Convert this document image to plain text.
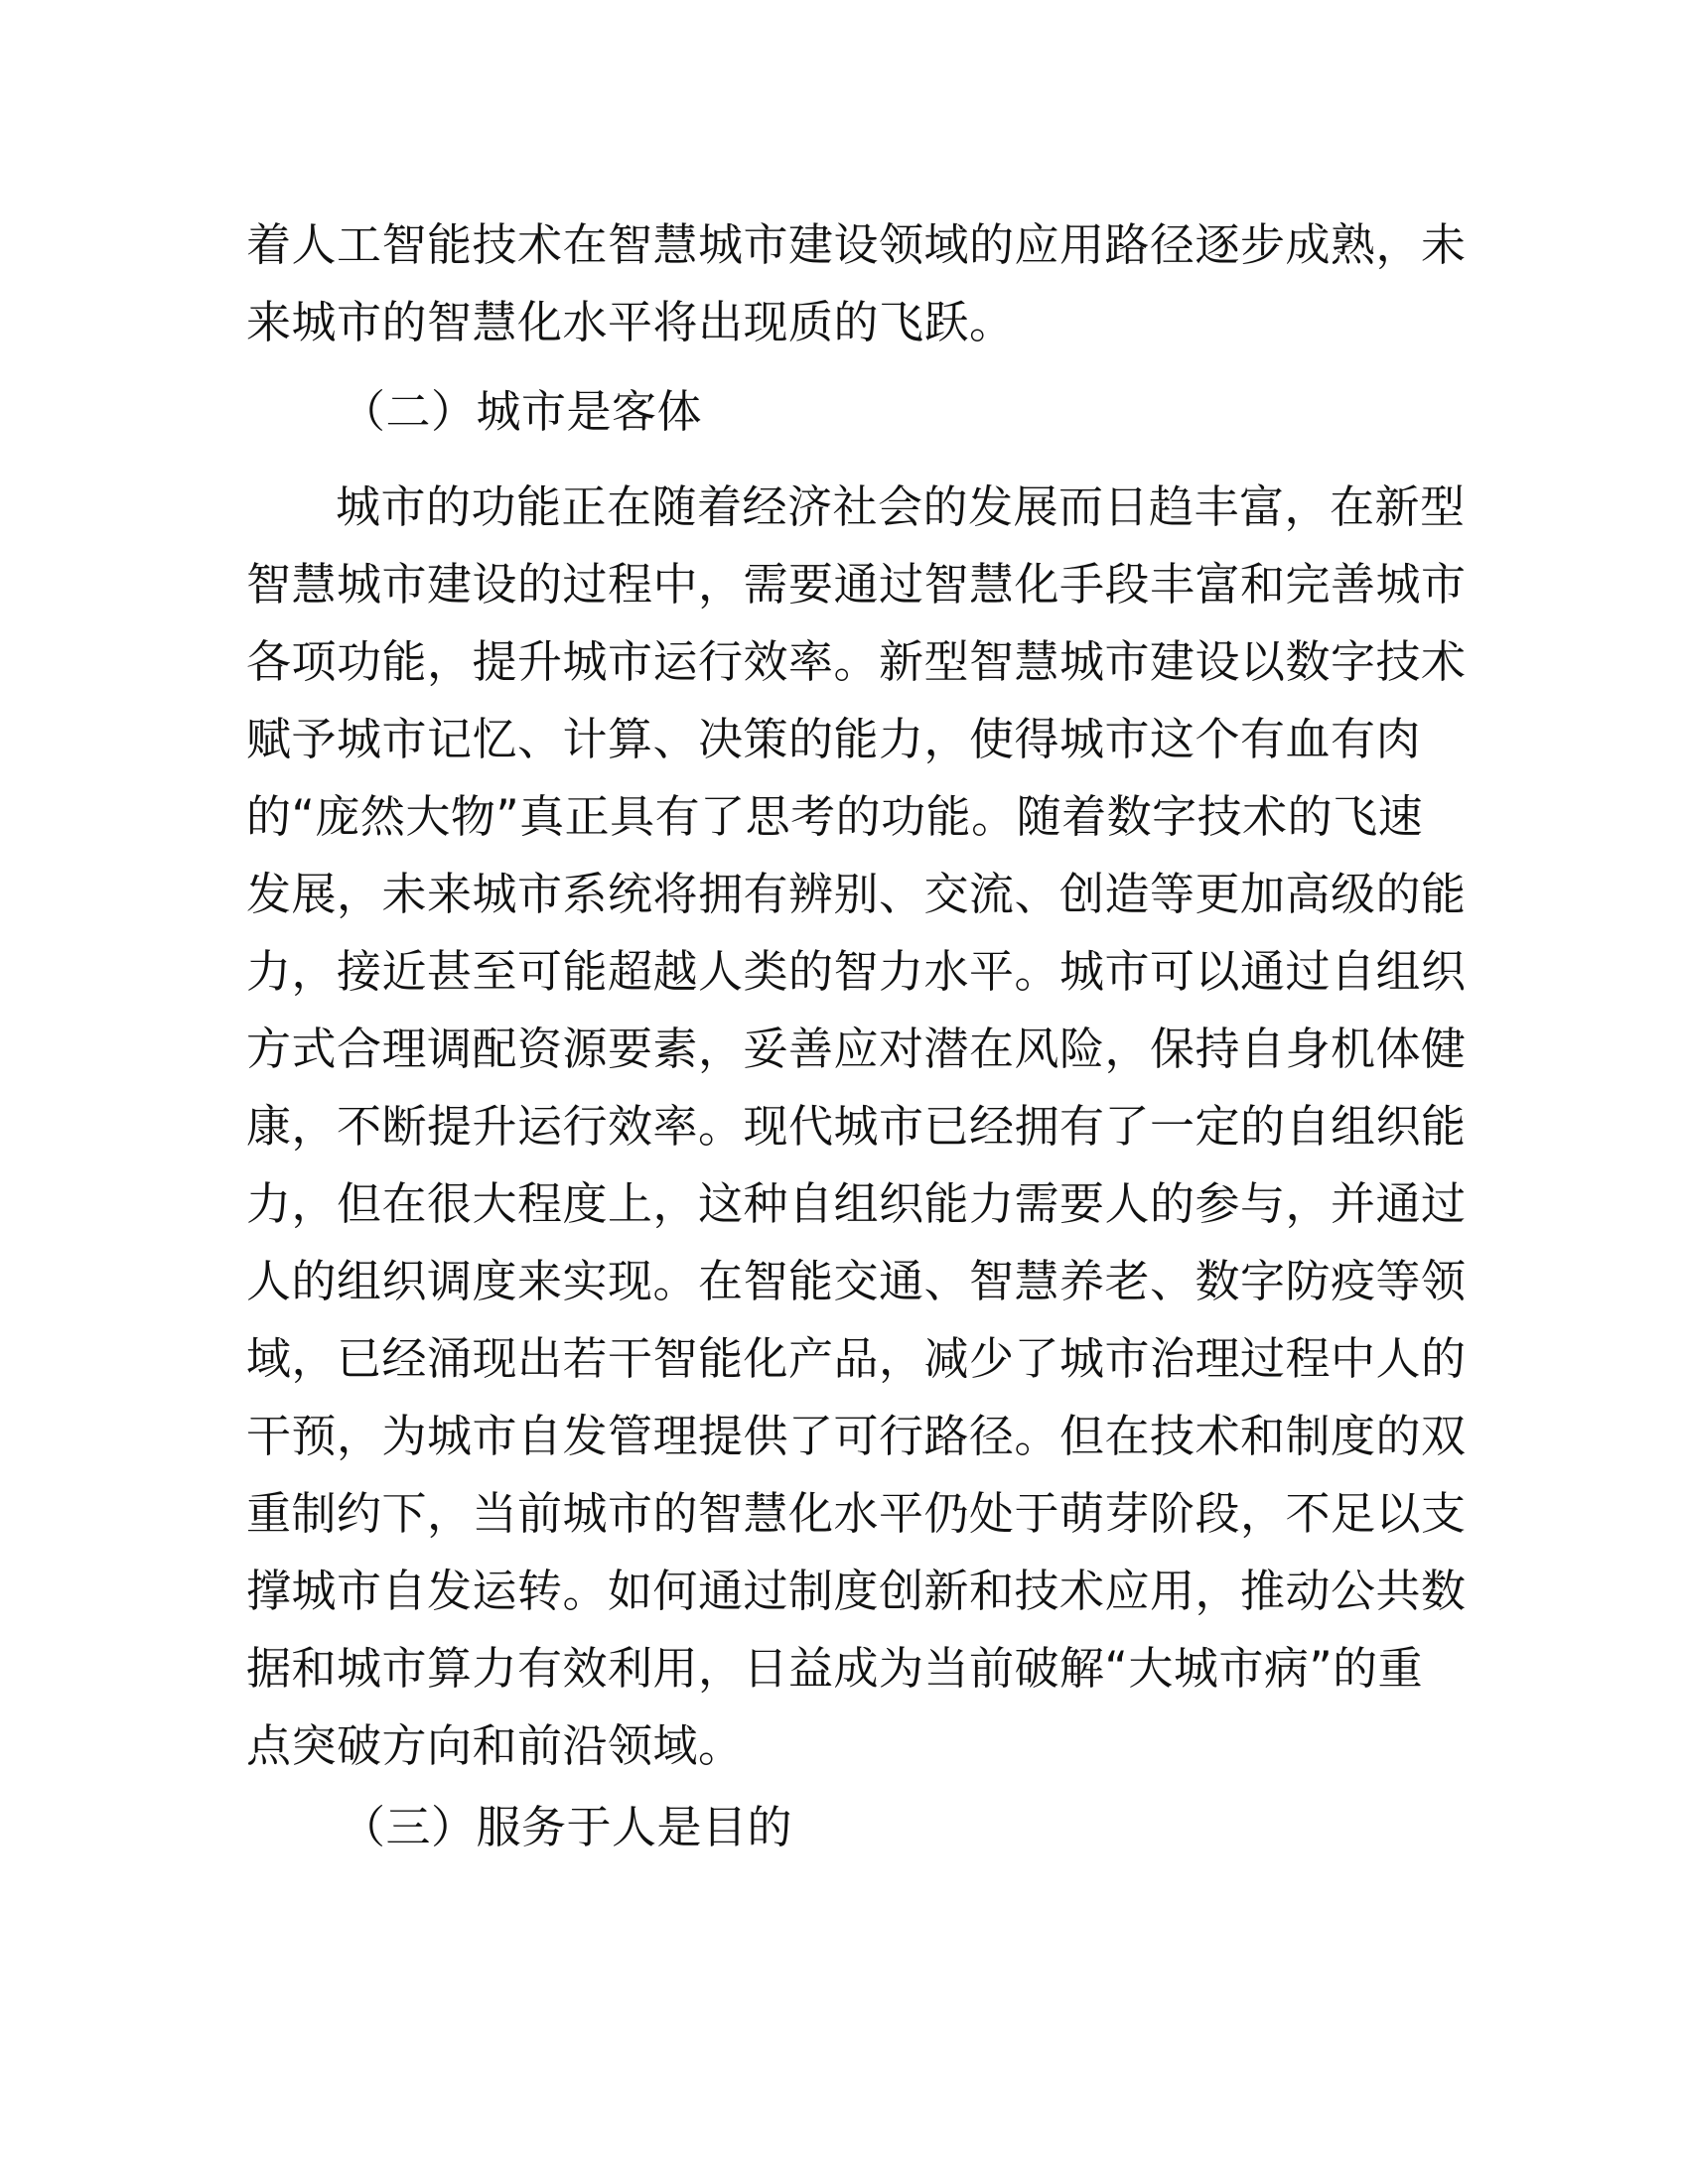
着人工智能技术在智慧城市建设领域的应用路径逐步成熟，未
来城市的智慧化水平将出现质的飞跃。
（二）城市是客体
城市的功能正在随着经济社会的发展而日趋丰富，在新型
智慧城市建设的过程中，需要通过智慧化手段丰富和完善城市
各项功能，提升城市运行效率。新型智慧城市建设以数字技术
赋予城市记忆、计算、决策的能力，使得城市这个有血有肉
的“庞然大物”真正具有了思考的功能。随着数字技术的飞速
发展，未来城市系统将拥有辨别、交流、创造等更加高级的能
力，接近甚至可能超越人类的智力水平。城市可以通过自组织
方式合理调配资源要素，妥善应对潜在风险，保持自身机体健
康，不断提升运行效率。现代城市已经拥有了一定的自组织能
力，但在很大程度上，这种自组织能力需要人的参与，并通过
人的组织调度来实现。在智能交通、智慧养老、数字防疫等领
域，已经涌现出若干智能化产品，减少了城市治理过程中人的
干预，为城市自发管理提供了可行路径。但在技术和制度的双
重制约下，当前城市的智慧化水平仍处于萌芽阶段，不足以支
撑城市自发运转。如何通过制度创新和技术应用，推动公共数
据和城市算力有效利用，日益成为当前破解“大城市病”的重
点突破方向和前沿领域。
（三）服务于人是目的
